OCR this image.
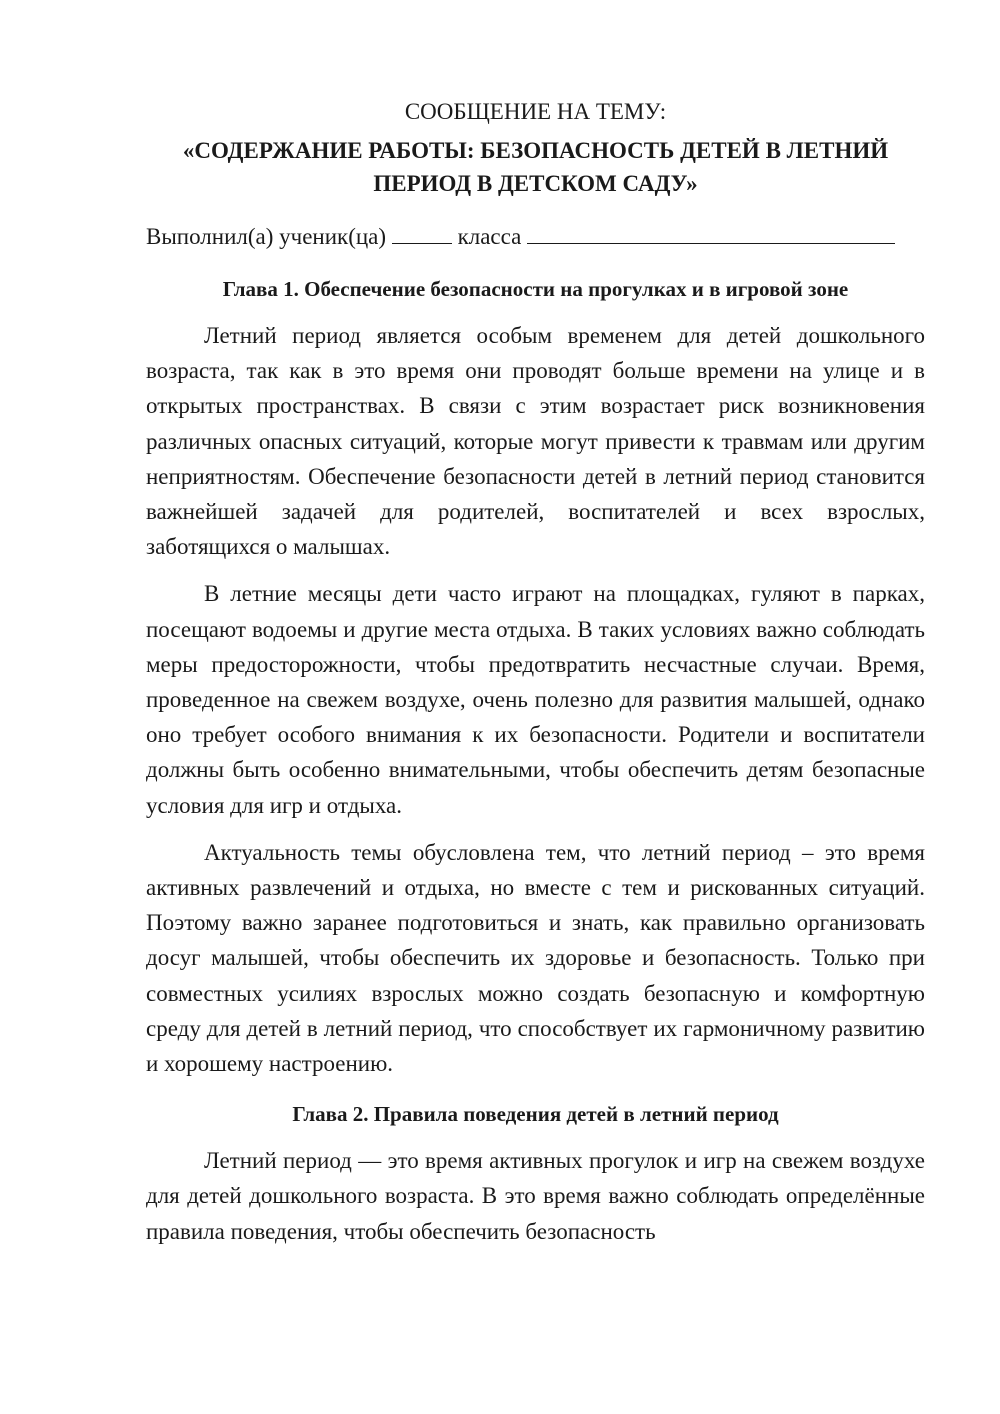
СООБЩЕНИЕ НА ТЕМУ:
«СОДЕРЖАНИЕ РАБОТЫ: БЕЗОПАСНОСТЬ ДЕТЕЙ В ЛЕТНИЙ ПЕРИОД В ДЕТСКОМ САДУ»
Выполнил(а) ученик(ца)	класса
Глава 1. Обеспечение безопасности на прогулках и в игровой зоне

Летний период является особым временем для детей дошкольного возраста, так как в это время они проводят больше времени на улице и в открытых пространствах. В связи с этим возрастает риск возникновения различных опасных ситуаций, которые могут привести к травмам или другим неприятностям. Обеспечение безопасности детей в летний период становится важнейшей задачей для родителей, воспитателей и всех взрослых, заботящихся о малышах.

В летние месяцы дети часто играют на площадках, гуляют в парках, посещают водоемы и другие места отдыха. В таких условиях важно соблюдать меры предосторожности, чтобы предотвратить несчастные случаи. Время, проведенное на свежем воздухе, очень полезно для развития малышей, однако оно требует особого внимания к их безопасности. Родители и воспитатели должны быть особенно внимательными, чтобы обеспечить детям безопасные условия для игр и отдыха.

Актуальность темы обусловлена тем, что летний период – это время активных развлечений и отдыха, но вместе с тем и рискованных ситуаций. Поэтому важно заранее подготовиться и знать, как правильно организовать досуг малышей, чтобы обеспечить их здоровье и безопасность. Только при совместных усилиях взрослых можно создать безопасную и комфортную среду для детей в летний период, что способствует их гармоничному развитию и хорошему настроению.

Глава 2. Правила поведения детей в летний период

Летний период — это время активных прогулок и игр на свежем воздухе для детей дошкольного возраста. В это время важно соблюдать определённые правила поведения, чтобы обеспечить безопасность
